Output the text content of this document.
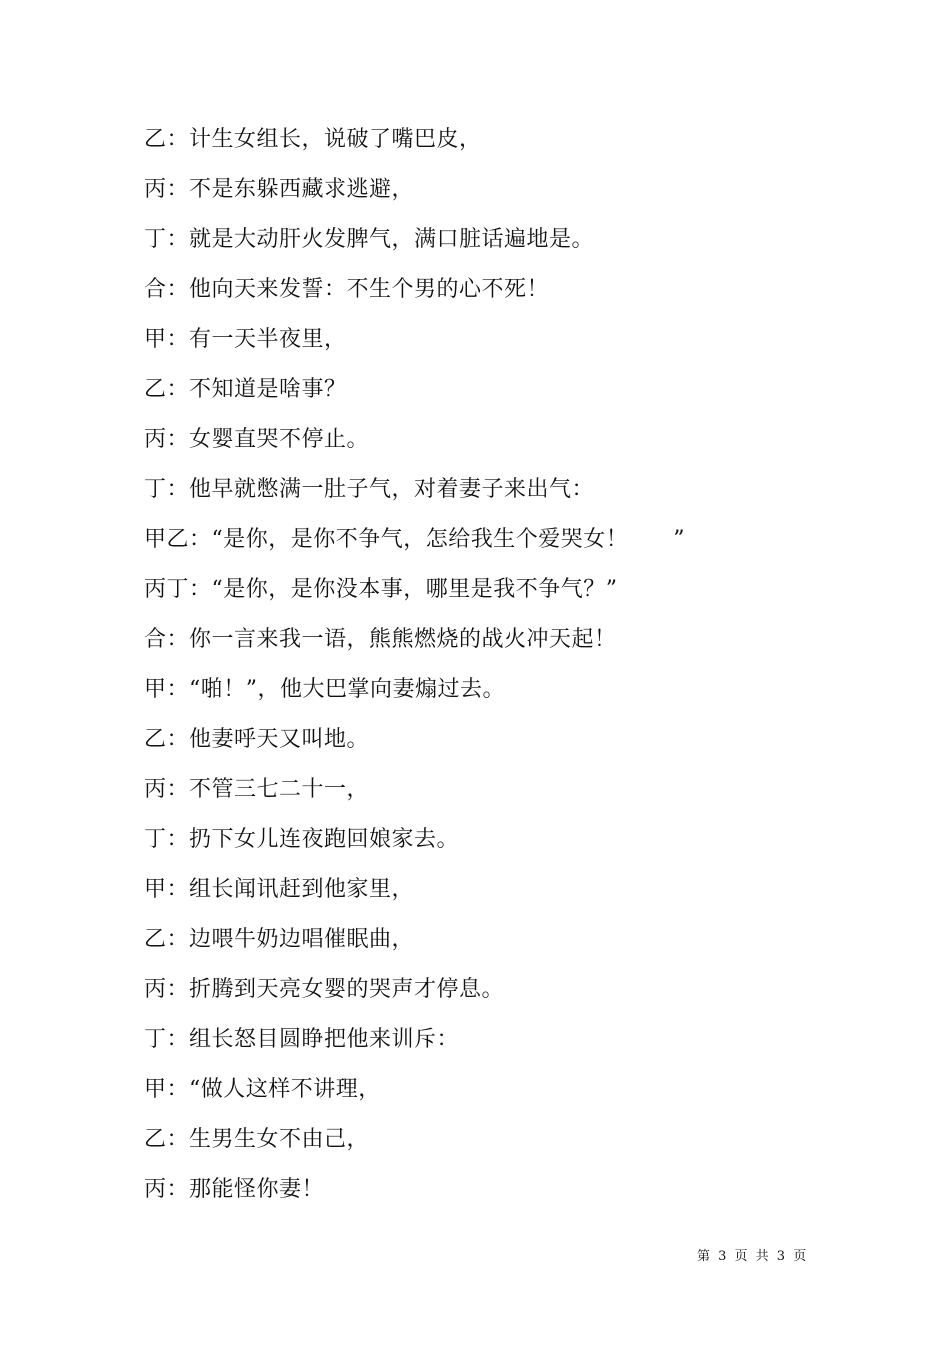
乙：计生女组长，说破了嘴巴皮，
丙：不是东躲西藏求逃避，
丁：就是大动肝火发脾气，满口脏话遍地是。
合：他向天来发誓：不生个男的心不死！
甲：有一天半夜里，
乙：不知道是啥事？
丙：女婴直哭不停止。
丁：他早就憋满一肚子气，对着妻子来出气：
甲乙：“是你，是你不争气，怎给我生个爱哭女！　　”
丙丁：“是你，是你没本事，哪里是我不争气？”
合：你一言来我一语，熊熊燃烧的战火冲天起！
甲：“啪！”，他大巴掌向妻煽过去。
乙：他妻呼天又叫地。
丙：不管三七二十一，
丁：扔下女儿连夜跑回娘家去。
甲：组长闻讯赶到他家里，
乙：边喂牛奶边唱催眠曲，
丙：折腾到天亮女婴的哭声才停息。
丁：组长怒目圆睁把他来训斥：
甲：“做人这样不讲理，
乙：生男生女不由己，
丙：那能怪你妻！
第 3 页 共 3 页
